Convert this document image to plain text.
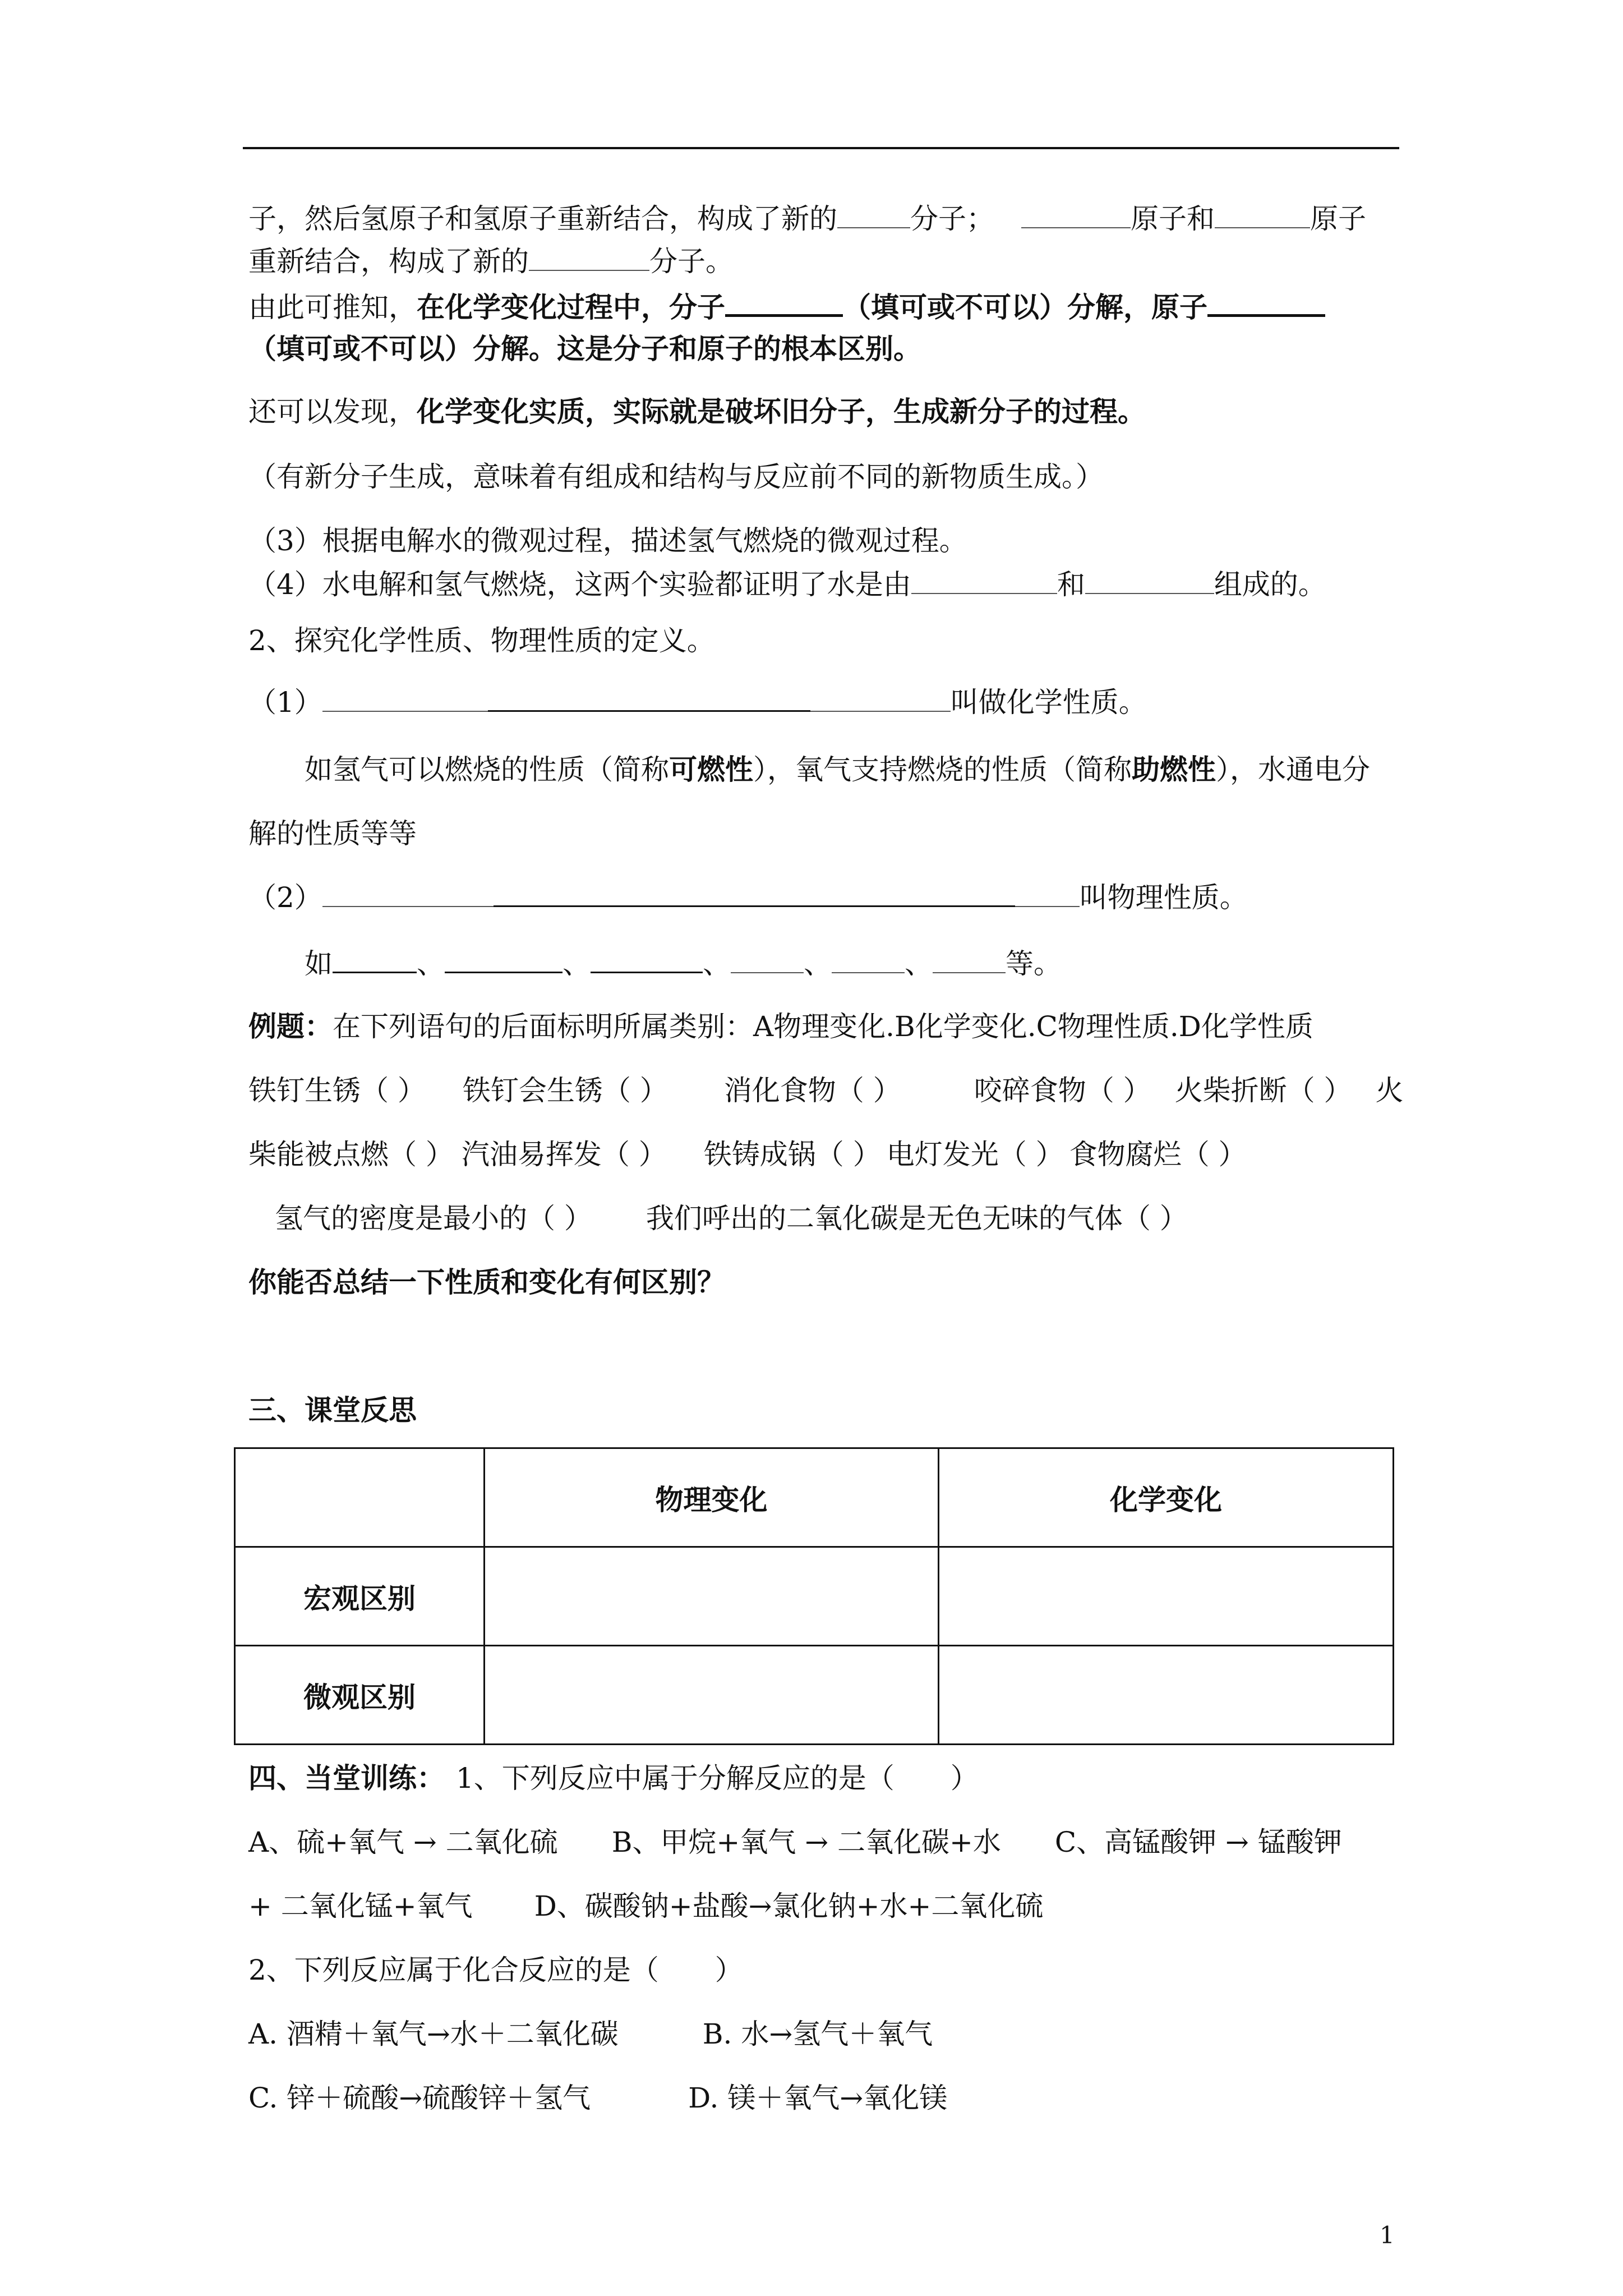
子，然后氢原子和氢原子重新结合，构成了新的	分子；	原子和	原子
重新结合，构成了新的	分子。
由此可推知，在化学变化过程中，分子	（填可或不可以）分解，原子
（填可或不可以）分解。这是分子和原子的根本区别。
还可以发现，化学变化实质，实际就是破坏旧分子，生成新分子的过程。
（有新分子生成，意味着有组成和结构与反应前不同的新物质生成。）
（3）根据电解水的微观过程，描述氢气燃烧的微观过程。
（4）水电解和氢气燃烧，这两个实验都证明了水是由	和	组成的。
2、探究化学性质、物理性质的定义。
（1）	叫做化学性质。
如氢气可以燃烧的性质（简称可燃性），氧气支持燃烧的性质（简称助燃性），水通电分
解的性质等等
（2）	叫物理性质。
如	、	、	、	、	、	等。
例题：在下列语句的后面标明所属类别：A物理变化.B化学变化.C物理性质.D化学性质
铁钉生锈（ ） 铁钉会生锈（ ） 消化食物（ ）	咬碎食物（ ） 火柴折断（ ） 火
柴能被点燃（ ） 汽油易挥发（ ） 铁铸成锅（ ） 电灯发光（ ） 食物腐烂（ ）
氢气的密度是最小的（ ） 我们呼出的二氧化碳是无色无味的气体（ ）
你能否总结一下性质和变化有何区别？
三、课堂反思
	物理变化	化学变化
宏观区别		
微观区别		
四、当堂训练： 1、下列反应中属于分解反应的是（　　）
A、硫+氧气 → 二氧化硫 B、甲烷+氧气 → 二氧化碳+水 C、高锰酸钾 → 锰酸钾
+ 二氧化锰+氧气 D、碳酸钠+盐酸→氯化钠+水+二氧化硫
2、下列反应属于化合反应的是（　　）
A. 酒精＋氧气→水＋二氧化碳	B. 水→氢气＋氧气
C. 锌＋硫酸→硫酸锌＋氢气	D. 镁＋氧气→氧化镁
1
